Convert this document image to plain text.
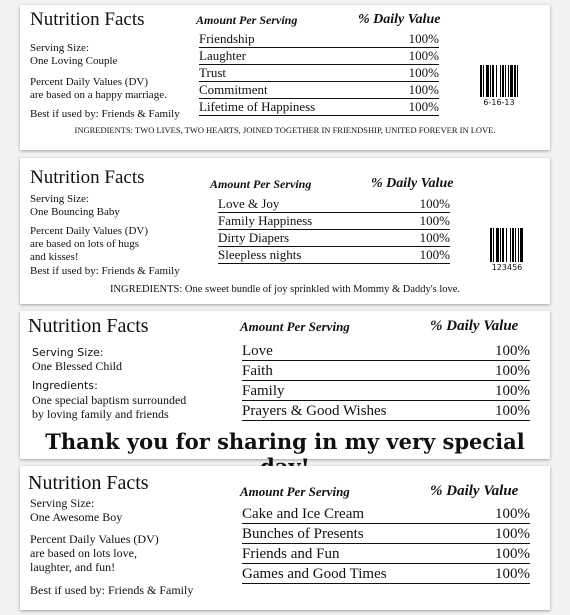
Nutrition Facts
Serving Size:
One Loving Couple
Percent Daily Values (DV)
are based on a happy marriage.
Best if used by: Friends & Family
Amount Per Serving	% Daily Value
Friendship	100%
Laughter	100%
Trust	100%
Commitment	100%
Lifetime of Happiness	100%	6-16-13
INGREDIENTS: TWO LIVES, TWO HEARTS, JOINED TOGETHER IN FRIENDSHIP, UNITED FOREVER IN LOVE.
Nutrition Facts
Serving Size:
One Bouncing Baby
Percent Daily Values (DV)
are based on lots of hugs
and kisses!
Best if used by: Friends & Family
Amount Per Serving	% Daily Value
Love & Joy	100%
Family Happiness	100%
Dirty Diapers	100%
Sleepless nights	100%
123456
INGREDIENTS: One sweet bundle of joy sprinkled with Mommy & Daddy's love.
Nutrition Facts
Serving Size:
One Blessed Child
Ingredients:
One special baptism surrounded
by loving family and friends
Amount Per Serving	% Daily Value
Love	100%
Faith	100%
Family	100%
Prayers & Good Wishes	100%
Thank you for sharing in my very special
Nutrition Facts
Serving Size:
One Awesome Boy
Percent Daily Values (DV)
are based on lots love,
laughter, and fun!
Best if used by: Friends & Family
Amount Per Serving	% Daily Value
Cake and Ice Cream	100%
Bunches of Presents	100%
Friends and Fun	100%
Games and Good Times	100%
